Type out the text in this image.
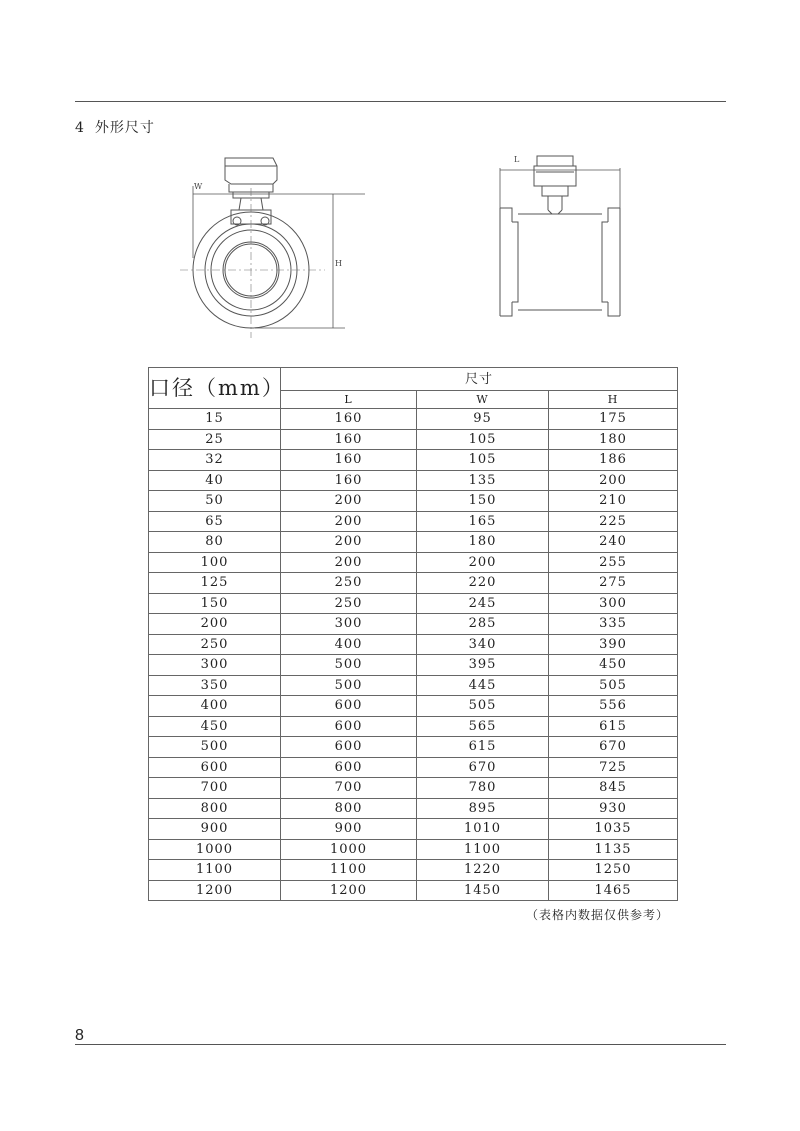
4 外形尺寸
W
H
L
口径（mm）	尺寸		
	L	W	H
15	160	95	175
25	160	105	180
32	160	105	186
40	160	135	200
50	200	150	210
65	200	165	225
80	200	180	240
100	200	200	255
125	250	220	275
150	250	245	300
200	300	285	335
250	400	340	390
300	500	395	450
350	500	445	505
400	600	505	556
450	600	565	615
500	600	615	670
600	600	670	725
700	700	780	845
800	800	895	930
900	900	1010	1035
1000	1000	1100	1135
1100	1100	1220	1250
1200	1200	1450	1465
（表格内数据仅供参考）
8
